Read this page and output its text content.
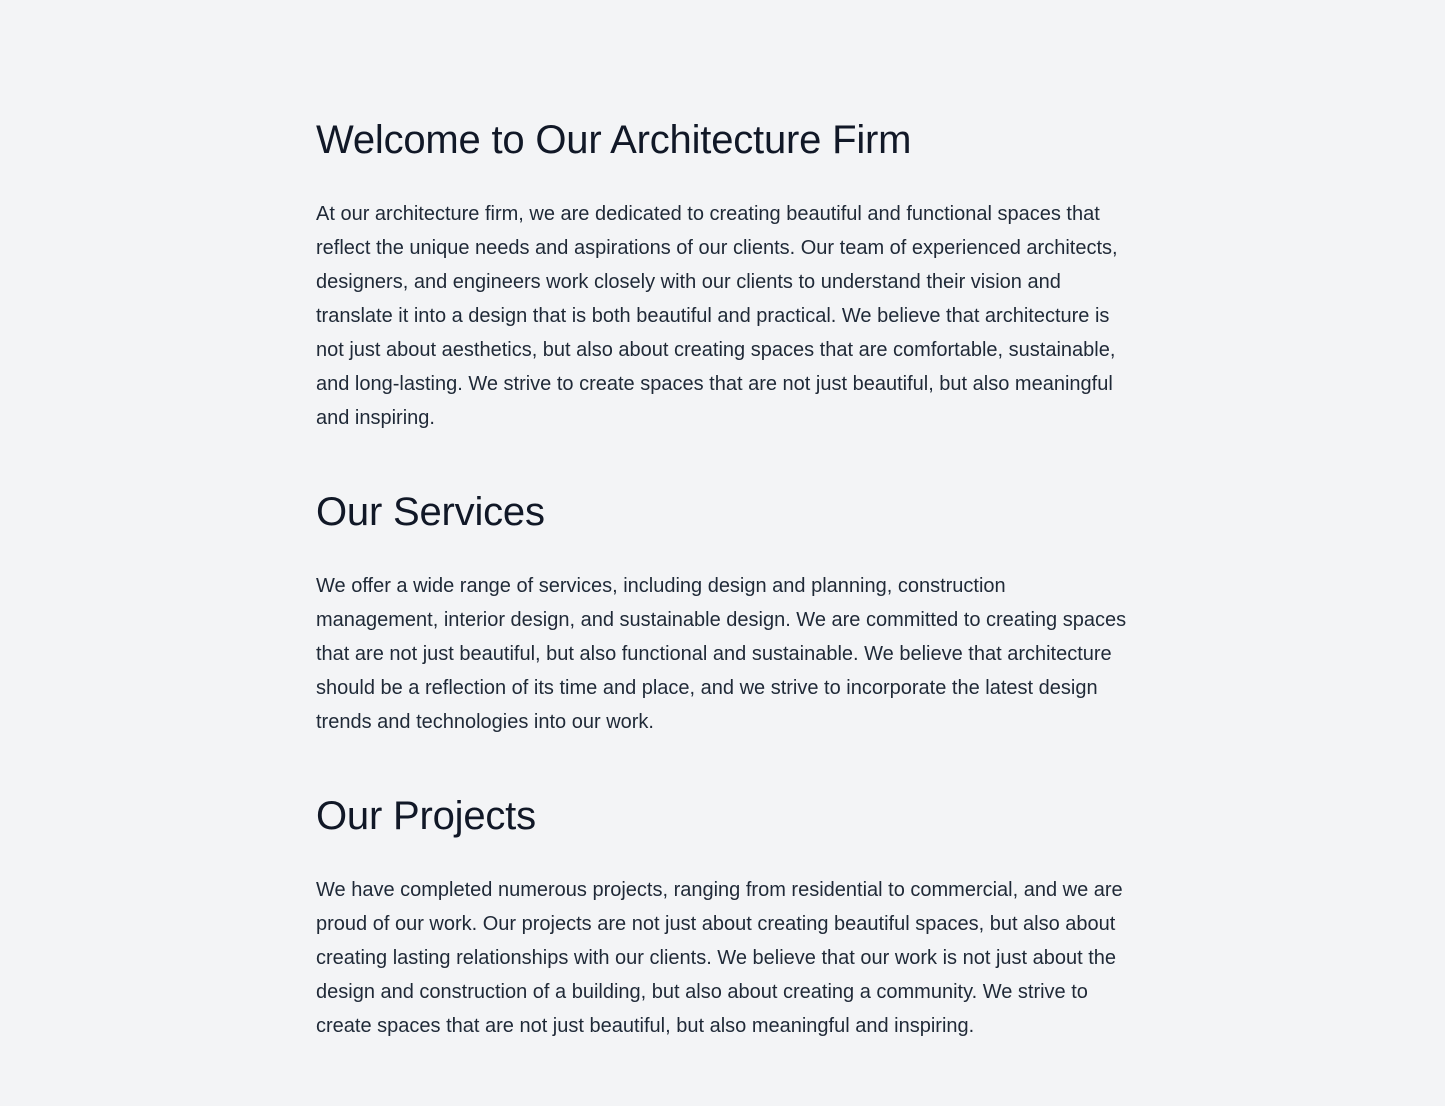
Welcome to Our Architecture Firm

At our architecture firm, we are dedicated to creating beautiful and functional spaces that reflect the unique needs and aspirations of our clients. Our team of experienced architects, designers, and engineers work closely with our clients to understand their vision and translate it into a design that is both beautiful and practical. We believe that architecture is not just about aesthetics, but also about creating spaces that are comfortable, sustainable, and long-lasting. We strive to create spaces that are not just beautiful, but also meaningful and inspiring.

Our Services

We offer a wide range of services, including design and planning, construction management, interior design, and sustainable design. We are committed to creating spaces that are not just beautiful, but also functional and sustainable. We believe that architecture should be a reflection of its time and place, and we strive to incorporate the latest design trends and technologies into our work.

Our Projects

We have completed numerous projects, ranging from residential to commercial, and we are proud of our work. Our projects are not just about creating beautiful spaces, but also about creating lasting relationships with our clients. We believe that our work is not just about the design and construction of a building, but also about creating a community. We strive to create spaces that are not just beautiful, but also meaningful and inspiring.
